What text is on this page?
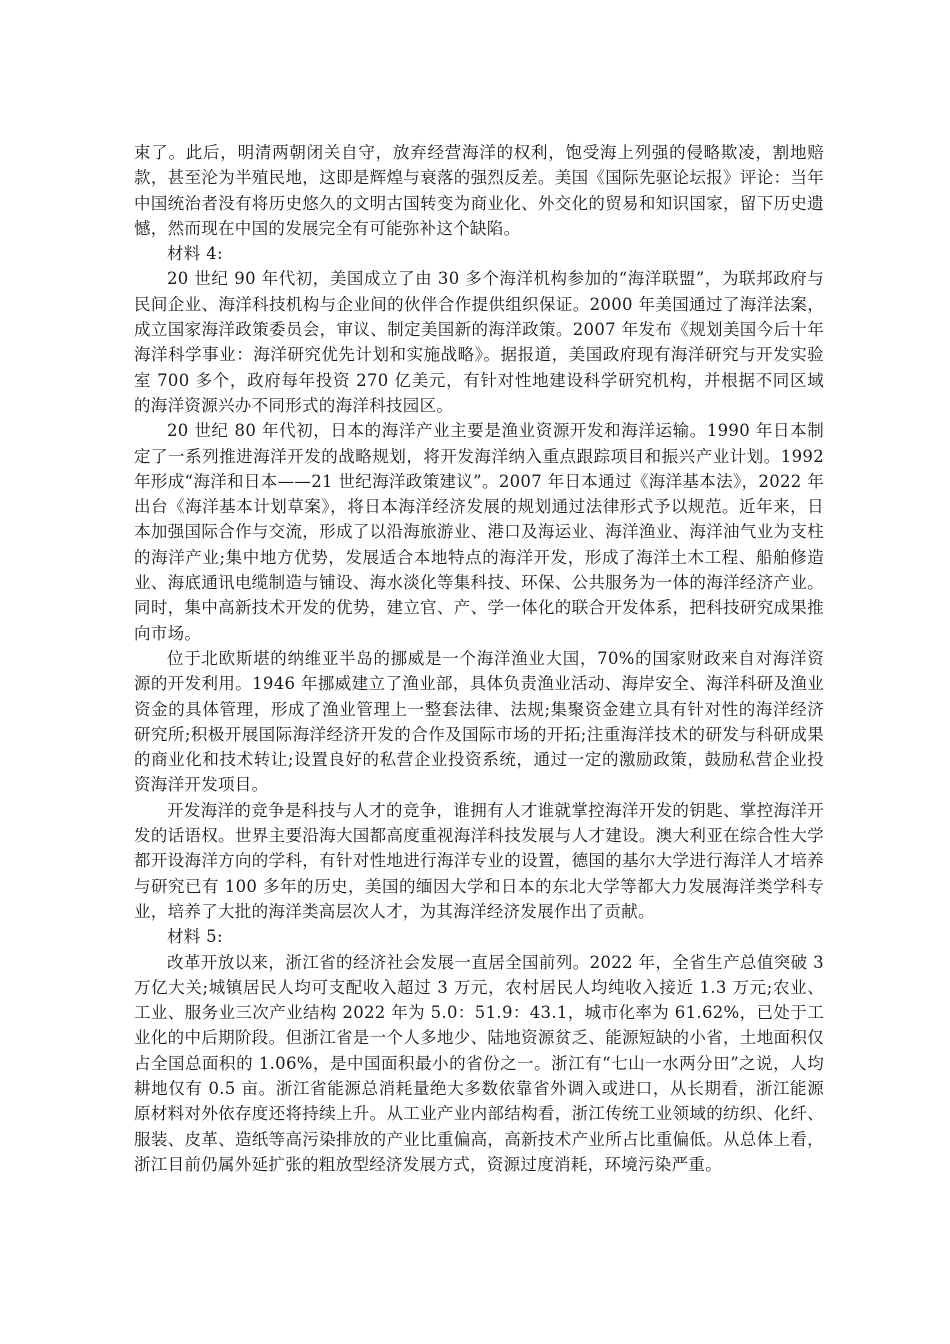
束了。此后，明清两朝闭关自守，放弃经营海洋的权利，饱受海上列强的侵略欺凌，割地赔款，甚至沦为半殖民地，这即是辉煌与衰落的强烈反差。美国《国际先驱论坛报》评论：当年中国统治者没有将历史悠久的文明古国转变为商业化、外交化的贸易和知识国家，留下历史遗憾，然而现在中国的发展完全有可能弥补这个缺陷。

材料 4:

20 世纪 90 年代初，美国成立了由 30 多个海洋机构参加的“海洋联盟”，为联邦政府与民间企业、海洋科技机构与企业间的伙伴合作提供组织保证。2000 年美国通过了海洋法案，成立国家海洋政策委员会，审议、制定美国新的海洋政策。2007 年发布《规划美国今后十年海洋科学事业：海洋研究优先计划和实施战略》。据报道，美国政府现有海洋研究与开发实验室 700 多个，政府每年投资 270 亿美元，有针对性地建设科学研究机构，并根据不同区域的海洋资源兴办不同形式的海洋科技园区。

20 世纪 80 年代初，日本的海洋产业主要是渔业资源开发和海洋运输。1990 年日本制定了一系列推进海洋开发的战略规划，将开发海洋纳入重点跟踪项目和振兴产业计划。1992 年形成“海洋和日本——21 世纪海洋政策建议”。2007 年日本通过《海洋基本法》，2022 年出台《海洋基本计划草案》，将日本海洋经济发展的规划通过法律形式予以规范。近年来，日本加强国际合作与交流，形成了以沿海旅游业、港口及海运业、海洋渔业、海洋油气业为支柱的海洋产业;集中地方优势，发展适合本地特点的海洋开发，形成了海洋土木工程、船舶修造业、海底通讯电缆制造与铺设、海水淡化等集科技、环保、公共服务为一体的海洋经济产业。同时，集中高新技术开发的优势，建立官、产、学一体化的联合开发体系，把科技研究成果推向市场。

位于北欧斯堪的纳维亚半岛的挪威是一个海洋渔业大国，70%的国家财政来自对海洋资源的开发利用。1946 年挪威建立了渔业部，具体负责渔业活动、海岸安全、海洋科研及渔业资金的具体管理，形成了渔业管理上一整套法律、法规;集聚资金建立具有针对性的海洋经济研究所;积极开展国际海洋经济开发的合作及国际市场的开拓;注重海洋技术的研发与科研成果的商业化和技术转让;设置良好的私营企业投资系统，通过一定的激励政策，鼓励私营企业投资海洋开发项目。

开发海洋的竞争是科技与人才的竞争，谁拥有人才谁就掌控海洋开发的钥匙、掌控海洋开发的话语权。世界主要沿海大国都高度重视海洋科技发展与人才建设。澳大利亚在综合性大学都开设海洋方向的学科，有针对性地进行海洋专业的设置，德国的基尔大学进行海洋人才培养与研究已有 100 多年的历史，美国的缅因大学和日本的东北大学等都大力发展海洋类学科专业，培养了大批的海洋类高层次人才，为其海洋经济发展作出了贡献。

材料 5:

改革开放以来，浙江省的经济社会发展一直居全国前列。2022 年，全省生产总值突破 3 万亿大关;城镇居民人均可支配收入超过 3 万元，农村居民人均纯收入接近 1.3 万元;农业、工业、服务业三次产业结构 2022 年为 5.0：51.9：43.1，城市化率为 61.62%，已处于工业化的中后期阶段。但浙江省是一个人多地少、陆地资源贫乏、能源短缺的小省，土地面积仅占全国总面积的 1.06%，是中国面积最小的省份之一。浙江有“七山一水两分田”之说，人均耕地仅有 0.5 亩。浙江省能源总消耗量绝大多数依靠省外调入或进口，从长期看，浙江能源原材料对外依存度还将持续上升。从工业产业内部结构看，浙江传统工业领域的纺织、化纤、服装、皮革、造纸等高污染排放的产业比重偏高，高新技术产业所占比重偏低。从总体上看，浙江目前仍属外延扩张的粗放型经济发展方式，资源过度消耗，环境污染严重。
